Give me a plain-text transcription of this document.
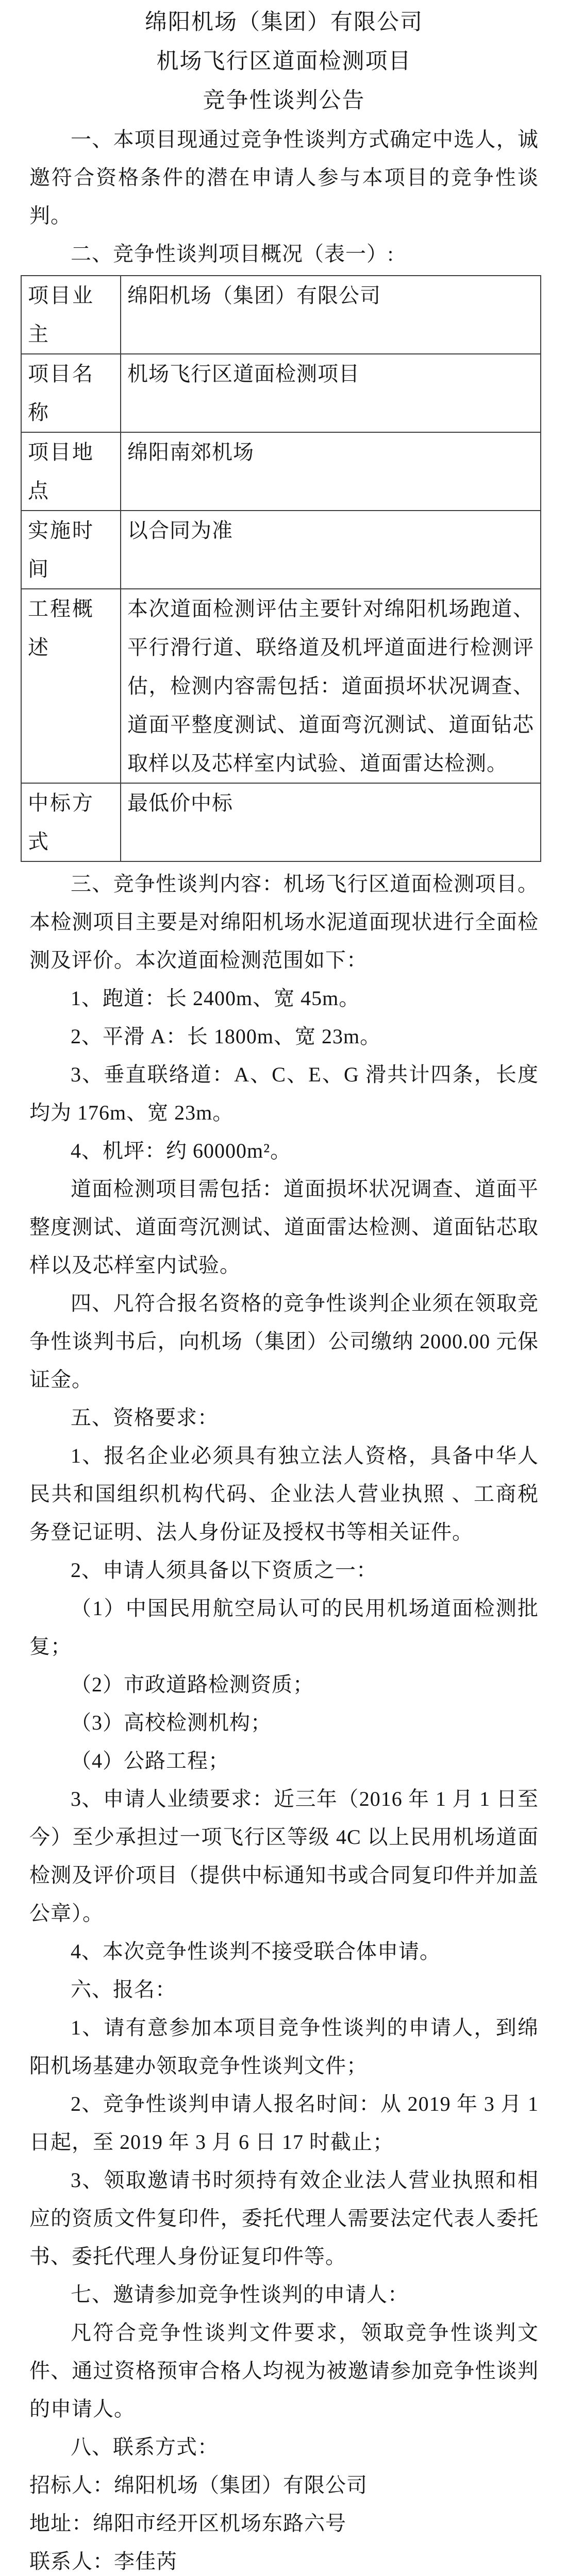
绵阳机场（集团）有限公司
机场飞行区道面检测项目
竞争性谈判公告

一、本项目现通过竞争性谈判方式确定中选人，诚邀符合资格条件的潜在申请人参与本项目的竞争性谈判。

二、竞争性谈判项目概况（表一）:

项目业主	绵阳机场（集团）有限公司
项目名称	机场飞行区道面检测项目
项目地点	绵阳南郊机场
实施时间	以合同为准
工程概述	本次道面检测评估主要针对绵阳机场跑道、平行滑行道、联络道及机坪道面进行检测评估，检测内容需包括：道面损坏状况调查、道面平整度测试、道面弯沉测试、道面钻芯取样以及芯样室内试验、道面雷达检测。
中标方式	最低价中标

三、竞争性谈判内容：机场飞行区道面检测项目。本检测项目主要是对绵阳机场水泥道面现状进行全面检测及评价。本次道面检测范围如下：

1、跑道：长 2400m、宽 45m。

2、平滑 A：长 1800m、宽 23m。

3、垂直联络道：A、C、E、G 滑共计四条，长度均为 176m、宽 23m。

4、机坪：约 60000m²。

道面检测项目需包括：道面损坏状况调查、道面平整度测试、道面弯沉测试、道面雷达检测、道面钻芯取样以及芯样室内试验。

四、凡符合报名资格的竞争性谈判企业须在领取竞争性谈判书后，向机场（集团）公司缴纳 2000.00 元保证金。

五、资格要求：

1、报名企业必须具有独立法人资格，具备中华人民共和国组织机构代码、企业法人营业执照 、工商税务登记证明、法人身份证及授权书等相关证件。

2、申请人须具备以下资质之一：

（1）中国民用航空局认可的民用机场道面检测批复；

（2）市政道路检测资质；

（3）高校检测机构；

（4）公路工程；

3、申请人业绩要求：近三年（2016 年 1 月 1 日至今）至少承担过一项飞行区等级 4C 以上民用机场道面检测及评价项目（提供中标通知书或合同复印件并加盖公章）。

4、本次竞争性谈判不接受联合体申请。

六、报名：

1、请有意参加本项目竞争性谈判的申请人，到绵阳机场基建办领取竞争性谈判文件；

2、竞争性谈判申请人报名时间：从 2019 年 3 月 1 日起，至 2019 年 3 月 6 日 17 时截止；

3、领取邀请书时须持有效企业法人营业执照和相应的资质文件复印件，委托代理人需要法定代表人委托书、委托代理人身份证复印件等。

七、邀请参加竞争性谈判的申请人：

凡符合竞争性谈判文件要求，领取竞争性谈判文件、通过资格预审合格人均视为被邀请参加竞争性谈判的申请人。

八、联系方式：

招标人：绵阳机场（集团）有限公司

地址：绵阳市经开区机场东路六号

联系人：李佳芮
